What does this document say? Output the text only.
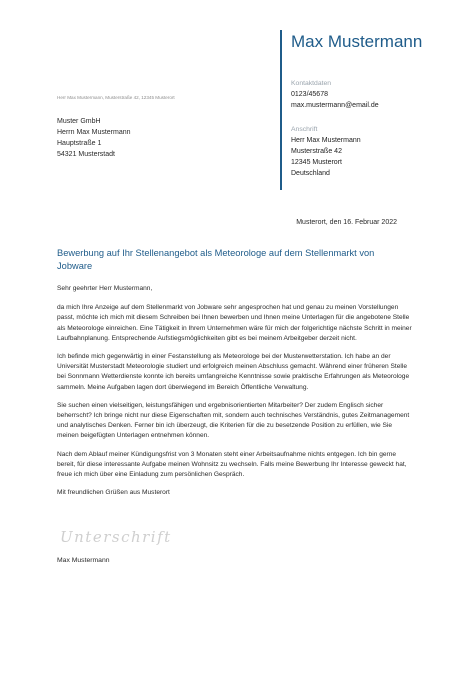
Max Mustermann
Kontaktdaten
0123/45678
max.mustermann@email.de
Anschrift
Herr Max Mustermann
Musterstraße 42
12345 Musterort
Deutschland
Herr Max Mustermann, Musterstraße 42, 12345 Musterort
Muster GmbH
Herrn Max Mustermann
Hauptstraße 1
54321 Musterstadt
Musterort, den 16. Februar 2022
Bewerbung auf Ihr Stellenangebot als Meteorologe auf dem Stellenmarkt von Jobware

Sehr geehrter Herr Mustermann,

da mich Ihre Anzeige auf dem Stellenmarkt von Jobware sehr angesprochen hat und genau zu meinen Vorstellungen passt, möchte ich mich mit diesem Schreiben bei Ihnen bewerben und Ihnen meine Unterlagen für die angebotene Stelle als Meteorologe einreichen. Eine Tätigkeit in Ihrem Unternehmen wäre für mich der folgerichtige nächste Schritt in meiner Laufbahnplanung. Entsprechende Aufstiegsmöglichkeiten gibt es bei meinem Arbeitgeber derzeit nicht.

Ich befinde mich gegenwärtig in einer Festanstellung als Meteorologe bei der Musterwetterstation. Ich habe an der Universität Musterstadt Meteorologie studiert und erfolgreich meinen Abschluss gemacht. Während einer früheren Stelle bei Sonnmann Wetterdienste konnte ich bereits umfangreiche Kenntnisse sowie praktische Erfahrungen als Meteorologe sammeln. Meine Aufgaben lagen dort überwiegend im Bereich Öffentliche Verwaltung.

Sie suchen einen vielseitigen, leistungsfähigen und ergebnisorientierten Mitarbeiter? Der zudem Englisch sicher beherrscht? Ich bringe nicht nur diese Eigenschaften mit, sondern auch technisches Verständnis, gutes Zeitmanagement und analytisches Denken. Ferner bin ich überzeugt, die Kriterien für die zu besetzende Position zu erfüllen, wie Sie meinen beigefügten Unterlagen entnehmen können.

Nach dem Ablauf meiner Kündigungsfrist von 3 Monaten steht einer Arbeitsaufnahme nichts entgegen. Ich bin gerne bereit, für diese interessante Aufgabe meinen Wohnsitz zu wechseln. Falls meine Bewerbung Ihr Interesse geweckt hat, freue ich mich über eine Einladung zum persönlichen Gespräch.

Mit freundlichen Grüßen aus Musterort

Unterschrift
Max Mustermann
